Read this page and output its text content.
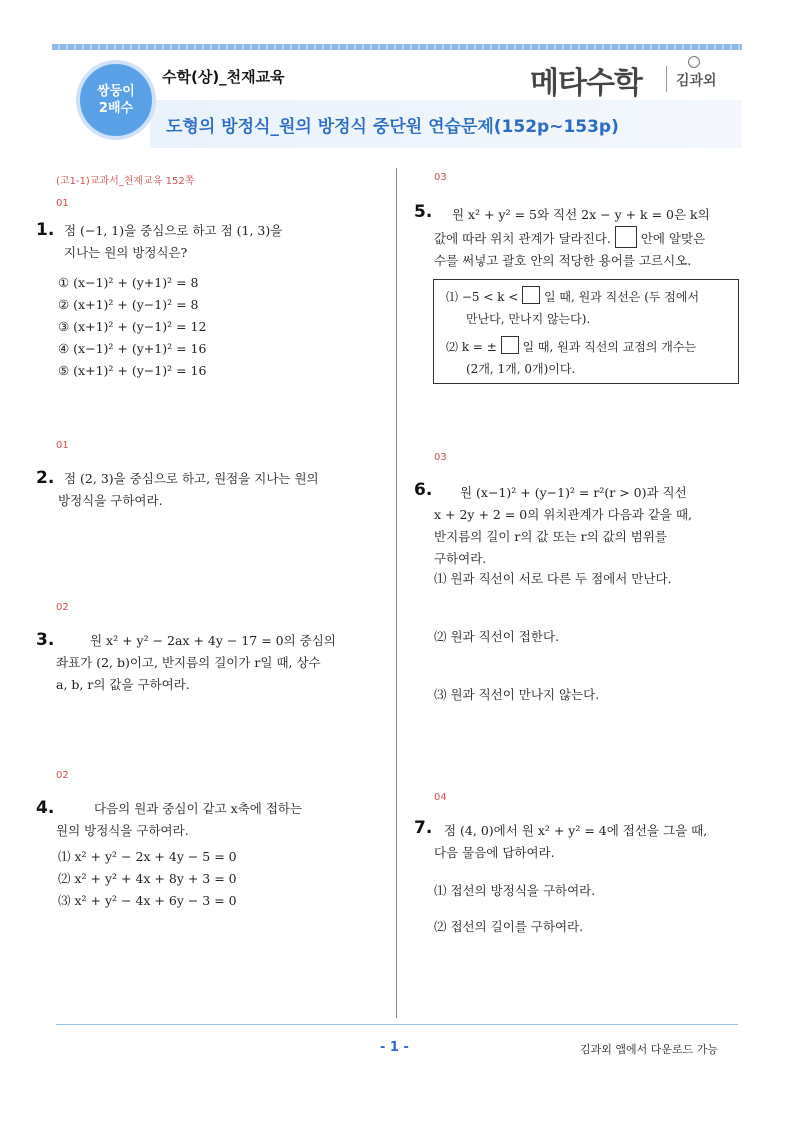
쌍둥이
2배수
수학(상)_천재교육
도형의 방정식_원의 방정식 중단원 연습문제(152p~153p)
메타수학 김과외
(고1-1)교과서_천재교육 152쪽
01
1. 점 (−1, 1)을 중심으로 하고 점 (1, 3)을
지나는 원의 방정식은?
① (x−1)² + (y+1)² = 8
② (x+1)² + (y−1)² = 8
③ (x+1)² + (y−1)² = 12
④ (x−1)² + (y+1)² = 16
⑤ (x+1)² + (y−1)² = 16
01
2. 점 (2, 3)을 중심으로 하고, 원점을 지나는 원의
방정식을 구하여라.
02
3.	원 x² + y² − 2ax + 4y − 17 = 0의 중심의
좌표가 (2, b)이고, 반지름의 길이가 r일 때, 상수
a, b, r의 값을 구하여라.
02
4.	다음의 원과 중심이 같고 x축에 접하는
원의 방정식을 구하여라.
⑴ x² + y² − 2x + 4y − 5 = 0
⑵ x² + y² + 4x + 8y + 3 = 0
⑶ x² + y² − 4x + 6y − 3 = 0
03
5. 원 x² + y² = 5와 직선 2x − y + k = 0은 k의
값에 따라 위치 관계가 달라진다. 안에 알맞은
수를 써넣고 괄호 안의 적당한 용어를 고르시오.
⑴ −5 < k < 일 때, 원과 직선은 (두 점에서
만난다, 만나지 않는다).
⑵ k = ± 일 때, 원과 직선의 교점의 개수는
(2개, 1개, 0개)이다.
03
6. 원 (x−1)² + (y−1)² = r²(r > 0)과 직선
x + 2y + 2 = 0의 위치관계가 다음과 같을 때,
반지름의 길이 r의 값 또는 r의 값의 범위를
구하여라.
⑴ 원과 직선이 서로 다른 두 점에서 만난다.
⑵ 원과 직선이 접한다.
⑶ 원과 직선이 만나지 않는다.
04
7. 점 (4, 0)에서 원 x² + y² = 4에 접선을 그을 때,
다음 물음에 답하여라.
⑴ 접선의 방정식을 구하여라.
⑵ 접선의 길이를 구하여라.
- 1 -	김과외 앱에서 다운로드 가능
